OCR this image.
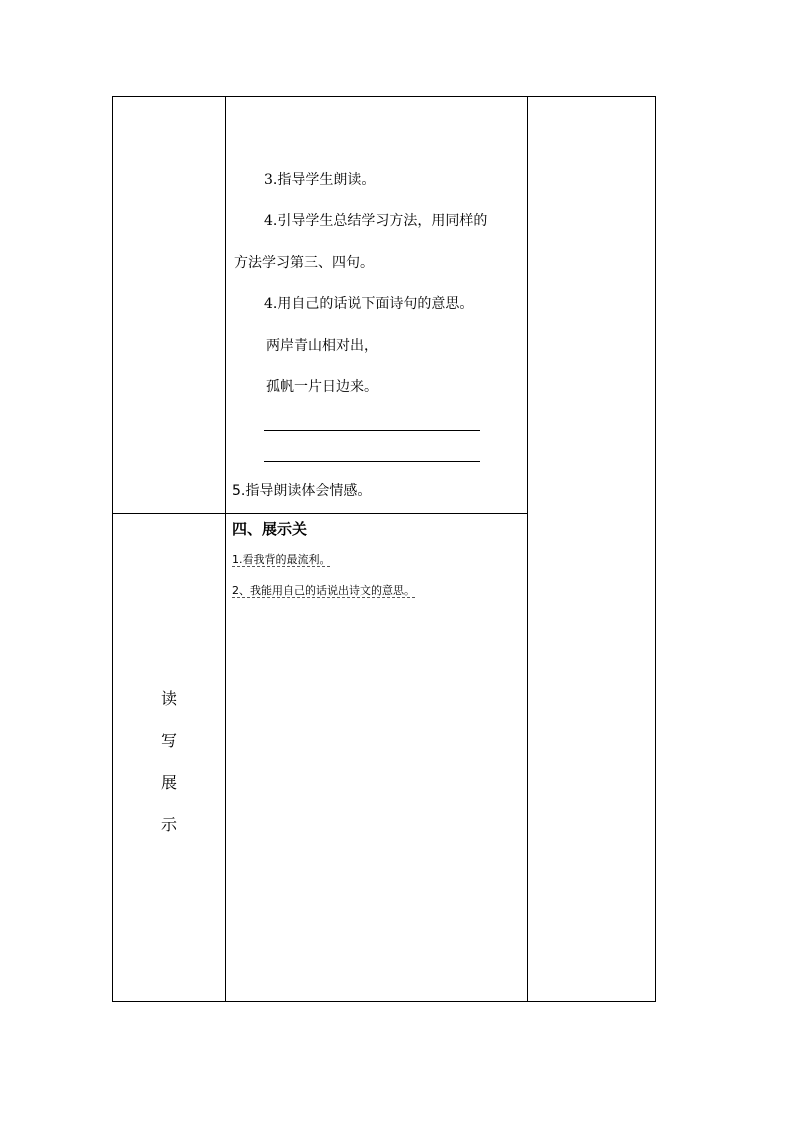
3.指导学生朗读。
4.引导学生总结学习方法，用同样的
方法学习第三、四句。
4.用自己的话说下面诗句的意思。
两岸青山相对出，
孤帆一片日边来。
5.指导朗读体会情感。
读
写
展
示
四、展示关
1.看我背的最流利。
2、我能用自己的话说出诗文的意思。
